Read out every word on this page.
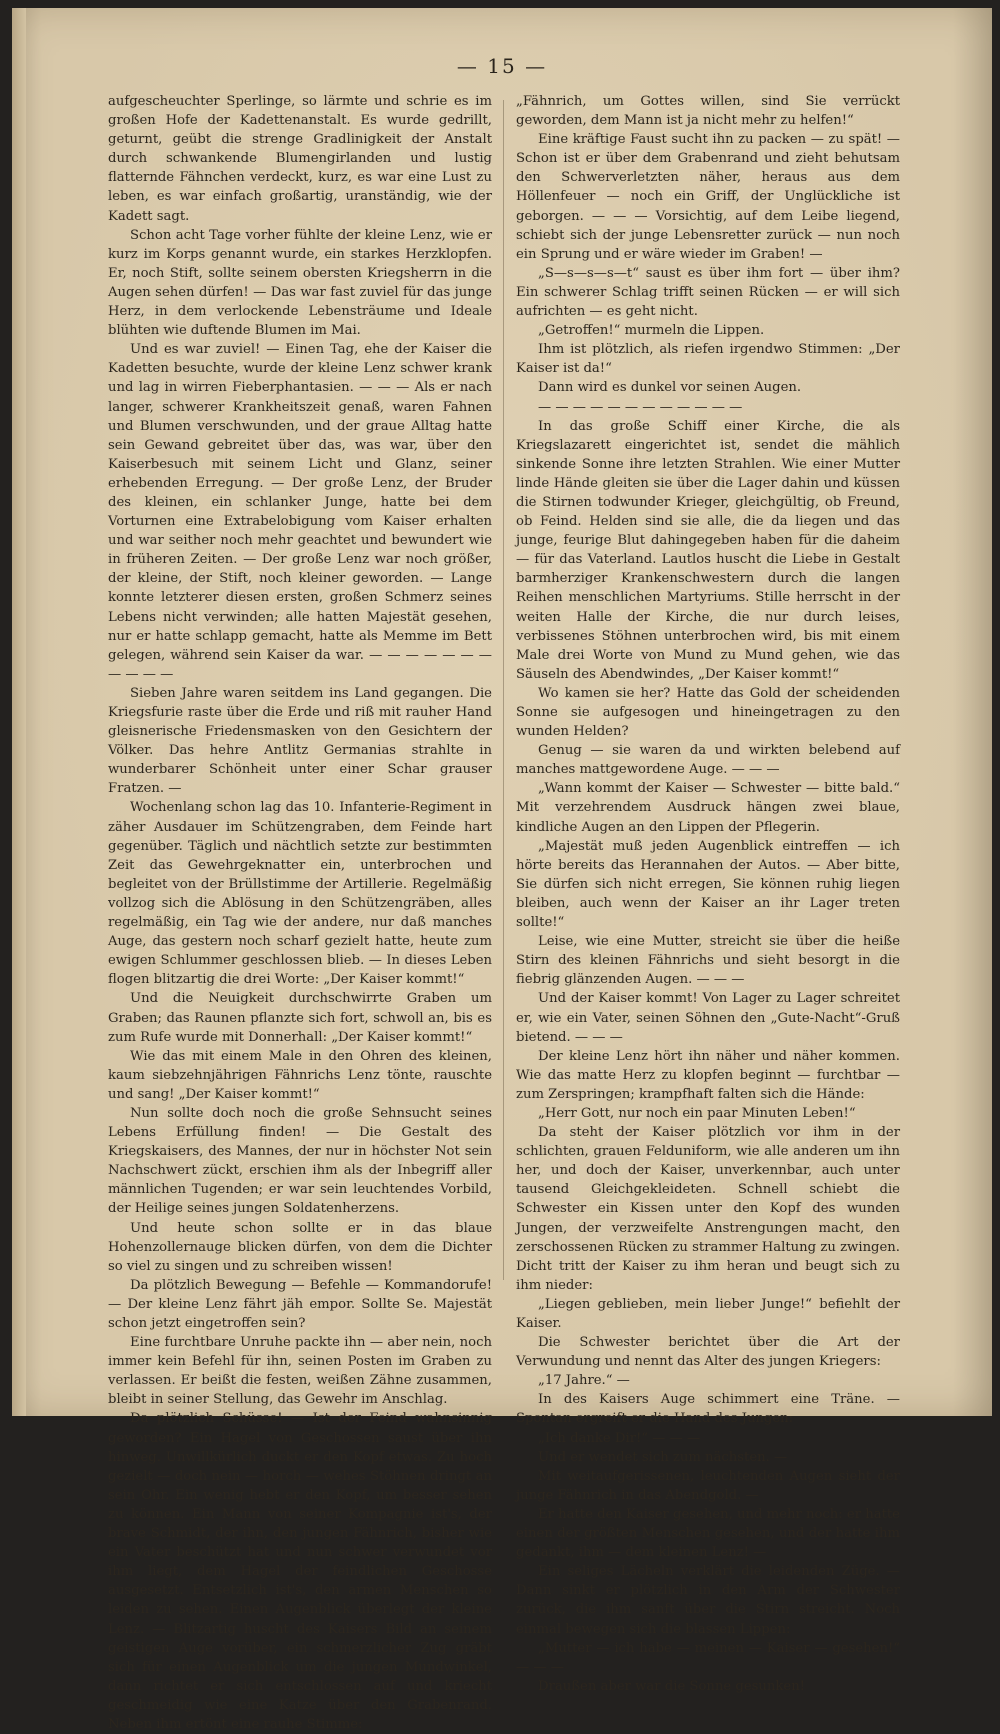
— 15 —

aufgescheuchter Sperlinge, so lärmte und schrie es im großen Hofe der Kadettenanstalt. Es wurde gedrillt, geturnt, geübt die strenge Gradlinigkeit der Anstalt durch schwankende Blumengirlanden und lustig flatternde Fähnchen verdeckt, kurz, es war eine Lust zu leben, es war einfach großartig, uranständig, wie der Kadett sagt.

Schon acht Tage vorher fühlte der kleine Lenz, wie er kurz im Korps genannt wurde, ein starkes Herzklopfen. Er, noch Stift, sollte seinem obersten Kriegsherrn in die Augen sehen dürfen! — Das war fast zuviel für das junge Herz, in dem verlockende Lebensträume und Ideale blühten wie duftende Blumen im Mai.

Und es war zuviel! — Einen Tag, ehe der Kaiser die Kadetten besuchte, wurde der kleine Lenz schwer krank und lag in wirren Fieberphantasien. — — — Als er nach langer, schwerer Krankheitszeit genaß, waren Fahnen und Blumen verschwunden, und der graue Alltag hatte sein Gewand gebreitet über das, was war, über den Kaiserbesuch mit seinem Licht und Glanz, seiner erhebenden Erregung. — Der große Lenz, der Bruder des kleinen, ein schlanker Junge, hatte bei dem Vorturnen eine Extrabelobigung vom Kaiser erhalten und war seither noch mehr geachtet und bewundert wie in früheren Zeiten. — Der große Lenz war noch größer, der kleine, der Stift, noch kleiner geworden. — Lange konnte letzterer diesen ersten, großen Schmerz seines Lebens nicht verwinden; alle hatten Majestät gesehen, nur er hatte schlapp gemacht, hatte als Memme im Bett gelegen, während sein Kaiser da war. — — — — — — — — — — —

Sieben Jahre waren seitdem ins Land gegangen. Die Kriegsfurie raste über die Erde und riß mit rauher Hand gleisnerische Friedensmasken von den Gesichtern der Völker. Das hehre Antlitz Germanias strahlte in wunderbarer Schönheit unter einer Schar grauser Fratzen. —

Wochenlang schon lag das 10. Infanterie-Regiment in zäher Ausdauer im Schützengraben, dem Feinde hart gegenüber. Täglich und nächtlich setzte zur bestimmten Zeit das Gewehrgeknatter ein, unterbrochen und begleitet von der Brüllstimme der Artillerie. Regelmäßig vollzog sich die Ablösung in den Schützengräben, alles regelmäßig, ein Tag wie der andere, nur daß manches Auge, das gestern noch scharf gezielt hatte, heute zum ewigen Schlummer geschlossen blieb. — In dieses Leben flogen blitzartig die drei Worte: „Der Kaiser kommt!“

Und die Neuigkeit durchschwirrte Graben um Graben; das Raunen pflanzte sich fort, schwoll an, bis es zum Rufe wurde mit Donnerhall: „Der Kaiser kommt!“

Wie das mit einem Male in den Ohren des kleinen, kaum siebzehnjährigen Fähnrichs Lenz tönte, rauschte und sang! „Der Kaiser kommt!“

Nun sollte doch noch die große Sehnsucht seines Lebens Erfüllung finden! — Die Gestalt des Kriegskaisers, des Mannes, der nur in höchster Not sein Nachschwert zückt, erschien ihm als der Inbegriff aller männlichen Tugenden; er war sein leuchtendes Vorbild, der Heilige seines jungen Soldatenherzens.

Und heute schon sollte er in das blaue Hohenzollernauge blicken dürfen, von dem die Dichter so viel zu singen und zu schreiben wissen!

Da plötzlich Bewegung — Befehle — Kommandorufe! — Der kleine Lenz fährt jäh empor. Sollte Se. Majestät schon jetzt eingetroffen sein?

Eine furchtbare Unruhe packte ihn — aber nein, noch immer kein Befehl für ihn, seinen Posten im Graben zu verlassen. Er beißt die festen, weißen Zähne zusammen, bleibt in seiner Stellung, das Gewehr im Anschlag.

Da plötzlich Schüsse! — Ist der Feind wahnsinnig geworden? Ein Hagel von Geschossen saust über ihn hinweg. Unwillkürlich duckt er den Kopf etwas. Zu hoch gezielt — doch nein — horch — wehes Stöhnen dringt an sein Ohr. Ein wenig hebt er den Kopf, um besser sehen zu können. Ein Mann von seiner Kompagnie ist's, der brave Schmidt, der ihn, den jungen Fähnrich, bisher wie ein Vater beschützt hat und nun schwer verwundet vor ihm liegt, dem Hagel der feindlichen Geschosse ausgesetzt. Entsetzlich ist's, den armen Menschen so leiden zu sehen. Einen Augenblick überlegt der kleine Lenz. — Blitzartig huscht des Kaisers Bild an seinem geistigen Auge vorüber, ein schmerzlicher Zug gräbt sich für einen Augenblick um die jungen Mundwinkel, dann richtet er sich entschlossen auf und kriecht geschmeidig wie eine Katze über den Grabenrand. Neben ihm ertönt eine rauhe Stimme:

„Fähnrich, um Gottes willen, sind Sie verrückt geworden, dem Mann ist ja nicht mehr zu helfen!“

Eine kräftige Faust sucht ihn zu packen — zu spät! — Schon ist er über dem Grabenrand und zieht behutsam den Schwerverletzten näher, heraus aus dem Höllenfeuer — noch ein Griff, der Unglückliche ist geborgen. — — — Vorsichtig, auf dem Leibe liegend, schiebt sich der junge Lebensretter zurück — nun noch ein Sprung und er wäre wieder im Graben! —

„S—s—s—s—t“ saust es über ihm fort — über ihm? Ein schwerer Schlag trifft seinen Rücken — er will sich aufrichten — es geht nicht.

„Getroffen!“ murmeln die Lippen.

Ihm ist plötzlich, als riefen irgendwo Stimmen: „Der Kaiser ist da!“

Dann wird es dunkel vor seinen Augen.

— — — — — — — — — — — —

In das große Schiff einer Kirche, die als Kriegslazarett eingerichtet ist, sendet die mählich sinkende Sonne ihre letzten Strahlen. Wie einer Mutter linde Hände gleiten sie über die Lager dahin und küssen die Stirnen todwunder Krieger, gleichgültig, ob Freund, ob Feind. Helden sind sie alle, die da liegen und das junge, feurige Blut dahingegeben haben für die daheim — für das Vaterland. Lautlos huscht die Liebe in Gestalt barmherziger Krankenschwestern durch die langen Reihen menschlichen Martyriums. Stille herrscht in der weiten Halle der Kirche, die nur durch leises, verbissenes Stöhnen unterbrochen wird, bis mit einem Male drei Worte von Mund zu Mund gehen, wie das Säuseln des Abendwindes, „Der Kaiser kommt!“

Wo kamen sie her? Hatte das Gold der scheidenden Sonne sie aufgesogen und hineingetragen zu den wunden Helden?

Genug — sie waren da und wirkten belebend auf manches mattgewordene Auge. — — —

„Wann kommt der Kaiser — Schwester — bitte bald.“ Mit verzehrendem Ausdruck hängen zwei blaue, kindliche Augen an den Lippen der Pflegerin.

„Majestät muß jeden Augenblick eintreffen — ich hörte bereits das Herannahen der Autos. — Aber bitte, Sie dürfen sich nicht erregen, Sie können ruhig liegen bleiben, auch wenn der Kaiser an ihr Lager treten sollte!“

Leise, wie eine Mutter, streicht sie über die heiße Stirn des kleinen Fähnrichs und sieht besorgt in die fiebrig glänzenden Augen. — — —

Und der Kaiser kommt! Von Lager zu Lager schreitet er, wie ein Vater, seinen Söhnen den „Gute-Nacht“-Gruß bietend. — — —

Der kleine Lenz hört ihn näher und näher kommen. Wie das matte Herz zu klopfen beginnt — furchtbar — zum Zerspringen; krampfhaft falten sich die Hände:

„Herr Gott, nur noch ein paar Minuten Leben!“

Da steht der Kaiser plötzlich vor ihm in der schlichten, grauen Felduniform, wie alle anderen um ihn her, und doch der Kaiser, unverkennbar, auch unter tausend Gleichgekleideten. Schnell schiebt die Schwester ein Kissen unter den Kopf des wunden Jungen, der verzweifelte Anstrengungen macht, den zerschossenen Rücken zu strammer Haltung zu zwingen. Dicht tritt der Kaiser zu ihm heran und beugt sich zu ihm nieder:

„Liegen geblieben, mein lieber Junge!“ befiehlt der Kaiser.

Die Schwester berichtet über die Art der Verwundung und nennt das Alter des jungen Kriegers:

„17 Jahre.“ —

In des Kaisers Auge schimmert eine Träne. — Spontan ergreift er die Hand des Jungen:

„Ich danke Dir!“ — — —

Und er wendet sich zum nächsten. —

Mit weitaufgerissenen, leuchtenden Augen sieht der junge Fähnrich in das Abendgold. —

Er hatte den Kaiser gesehen, und mehr noch: er hatte einen der größten Menschen gesehen, und der hatte ihm gedankt, ihm — dem kleinen Lenz! —

Ein seliges Lächeln verklärt die leidenden Züge. — Dann sinkt er plötzlich in den Arm der Schwester zurück, die ihm sanft über die Stirn streicht. Noch einmal bewegen sich die blassen Lippen:

„Mutter — ich habe — meinen — Kaiser — gesehen!“ — — —

Draußen aber war die Sonne gesunken!
